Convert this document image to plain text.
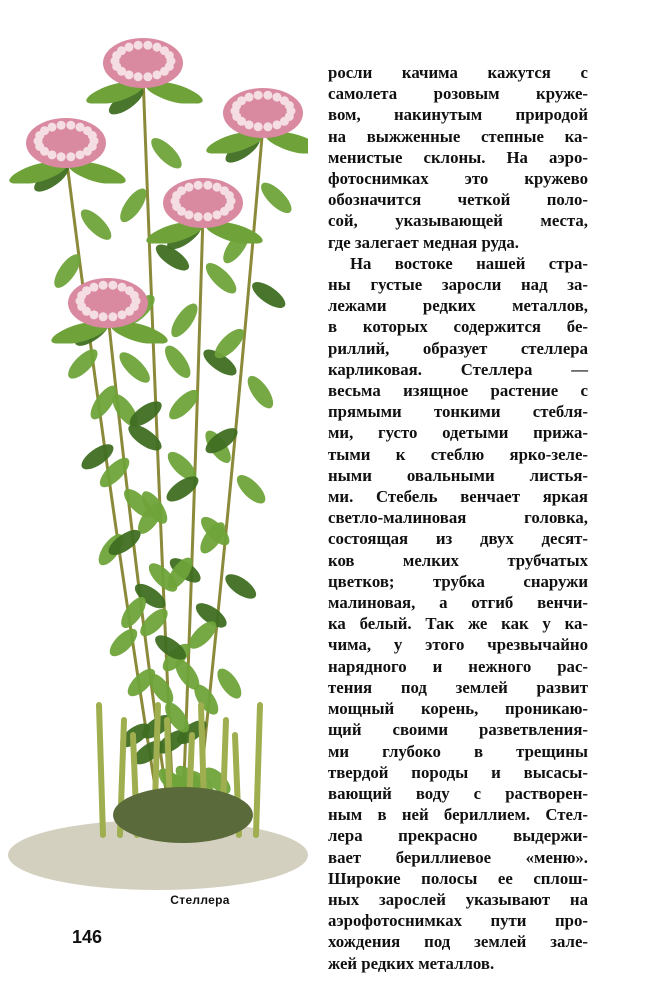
Стеллера
146
росли качима кажутся с
самолета розовым круже-
вом, накинутым природой
на выжженные степные ка-
менистые склоны. На аэро-
фотоснимках это кружево
обозначится четкой поло-
сой, указывающей места,
где залегает медная руда.
На востоке нашей стра-
ны густые заросли над за-
лежами редких металлов,
в которых содержится бе-
риллий, образует стеллера
карликовая. Стеллера —
весьма изящное растение с
прямыми тонкими стебля-
ми, густо одетыми прижа-
тыми к стеблю ярко-зеле-
ными овальными листья-
ми. Стебель венчает яркая
светло-малиновая головка,
состоящая из двух десят-
ков мелких трубчатых
цветков; трубка снаружи
малиновая, а отгиб венчи-
ка белый. Так же как у ка-
чима, у этого чрезвычайно
нарядного и нежного рас-
тения под землей развит
мощный корень, проникаю-
щий своими разветвления-
ми глубоко в трещины
твердой породы и высасы-
вающий воду с растворен-
ным в ней бериллием. Стел-
лера прекрасно выдержи-
вает бериллиевое «меню».
Широкие полосы ее сплош-
ных зарослей указывают на
аэрофотоснимках пути про-
хождения под землей зале-
жей редких металлов.
